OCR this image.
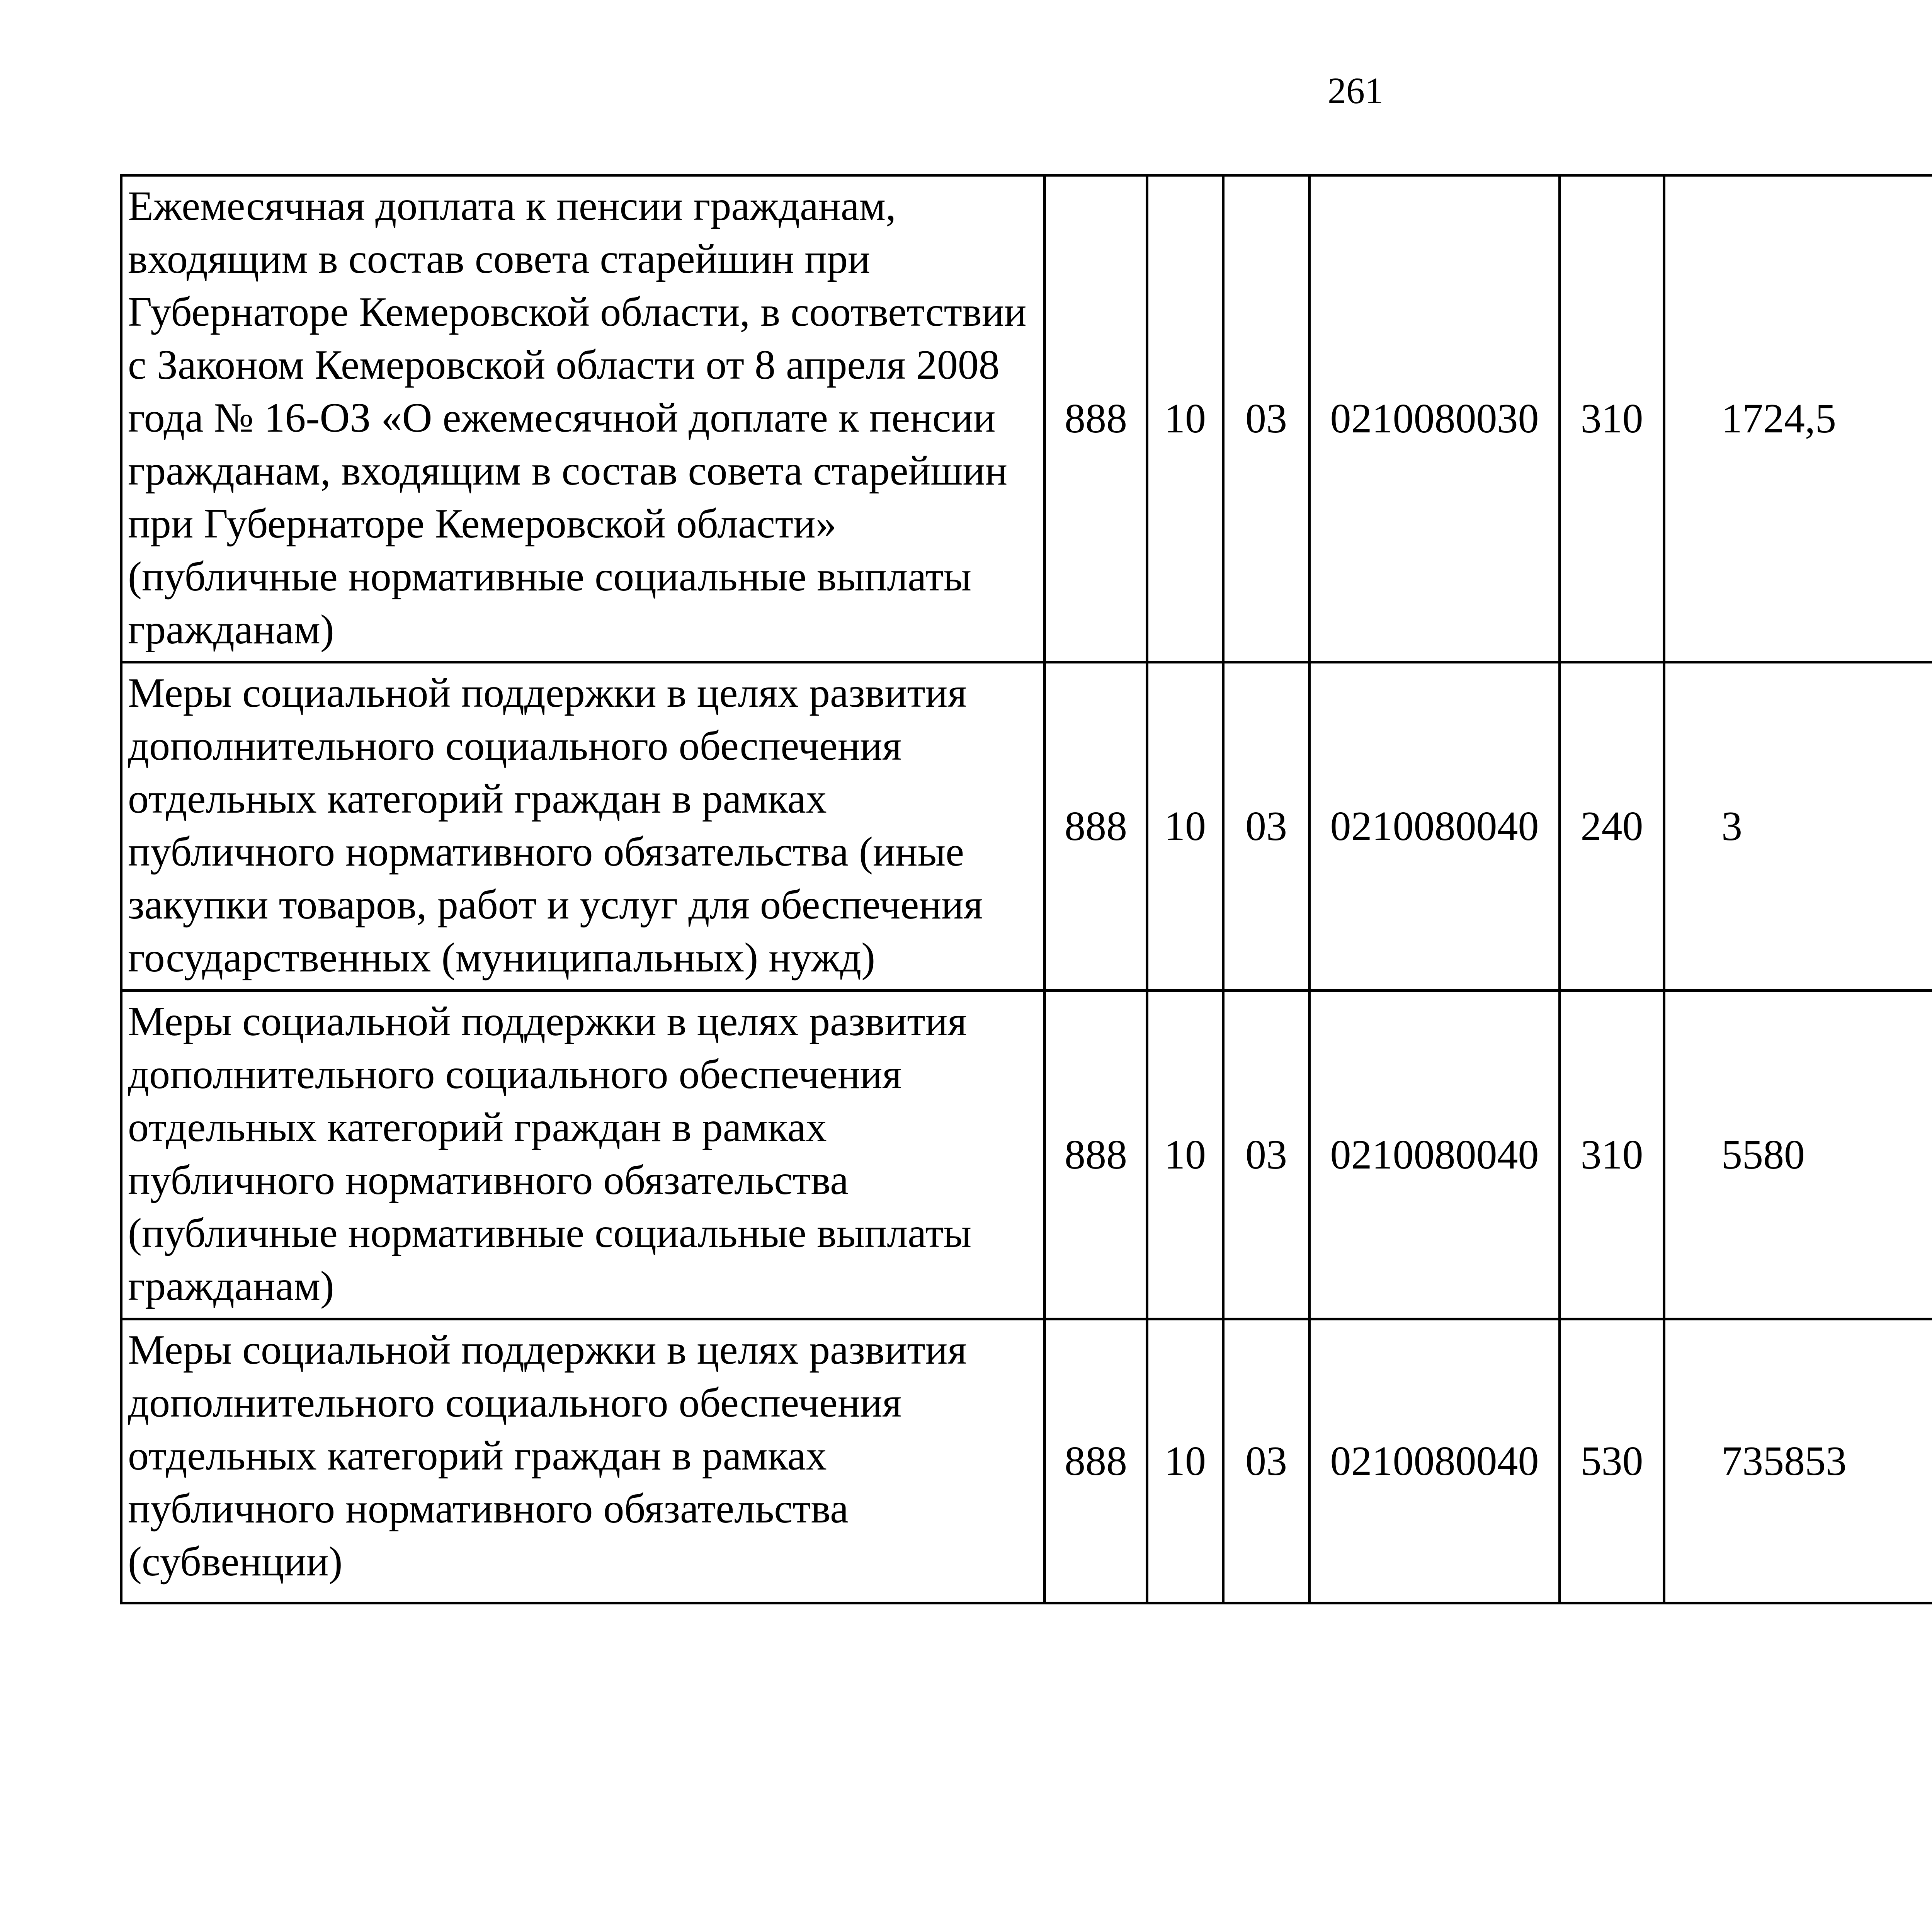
261
Ежемесячная доплата к пенсии гражданам, входящим в состав совета старейшин при Губернаторе Кемеровской области, в соответствии с Законом Кемеровской области от 8 апреля 2008 года № 16-ОЗ «О ежемесячной доплате к пенсии гражданам, входящим в состав совета старейшин при Губернаторе Кемеровской области» (публичные нормативные социальные выплаты гражданам)	888	10	03	0210080030	310	1724,5		
Меры социальной поддержки в целях развития дополнительного социального обеспечения отдельных категорий граждан в рамках публичного нормативного обязательства (иные закупки товаров, работ и услуг для обеспечения государственных (муниципальных) нужд)	888	10	03	0210080040	240	3		
Меры социальной поддержки в целях развития дополнительного социального обеспечения отдельных категорий граждан в рамках публичного нормативного обязательства (публичные нормативные социальные выплаты гражданам)	888	10	03	0210080040	310	5580		
Меры социальной поддержки в целях развития дополнительного социального обеспечения отдельных категорий граждан в рамках публичного нормативного обязательства (субвенции)	888	10	03	0210080040	530	735853		
